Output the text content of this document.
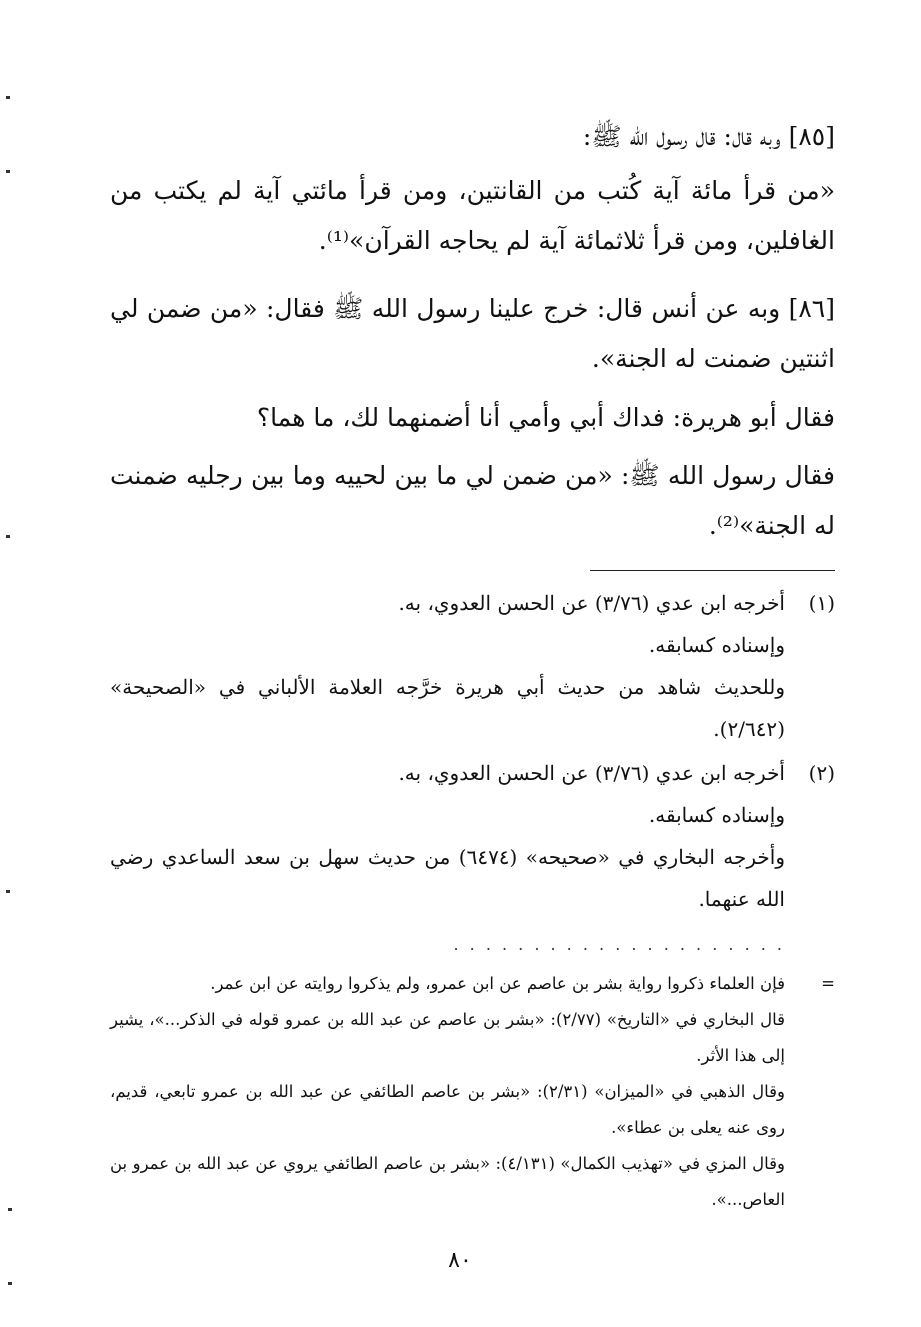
[٨٥] وبه قال: قال رسول الله ﷺ:
«من قرأ مائة آية كُتب من القانتين، ومن قرأ مائتي آية لم يكتب من الغافلين، ومن قرأ ثلاثمائة آية لم يحاجه القرآن»⁽¹⁾.
[٨٦] وبه عن أنس قال: خرج علينا رسول الله ﷺ فقال: «من ضمن لي اثنتين ضمنت له الجنة».
فقال أبو هريرة: فداك أبي وأمي أنا أضمنهما لك، ما هما؟
فقال رسول الله ﷺ: «من ضمن لي ما بين لحييه وما بين رجليه ضمنت له الجنة»⁽²⁾.
(١)
أخرجه ابن عدي (٣/٧٦) عن الحسن العدوي، به.
وإسناده كسابقه.
وللحديث شاهد من حديث أبي هريرة خرَّجه العلامة الألباني في «الصحيحة» (٢/٦٤٢).
(٢)
أخرجه ابن عدي (٣/٧٦) عن الحسن العدوي، به.
وإسناده كسابقه.
وأخرجه البخاري في «صحيحه» (٦٤٧٤) من حديث سهل بن سعد الساعدي رضي الله عنهما.
. . . . . . . . . . . . . . . . . . . . .
=
فإن العلماء ذكروا رواية بشر بن عاصم عن ابن عمرو، ولم يذكروا روايته عن ابن عمر.
قال البخاري في «التاريخ» (٢/٧٧): «بشر بن عاصم عن عبد الله بن عمرو قوله في الذكر...»، يشير إلى هذا الأثر.
وقال الذهبي في «الميزان» (٢/٣١): «بشر بن عاصم الطائفي عن عبد الله بن عمرو تابعي، قديم، روى عنه يعلى بن عطاء».
وقال المزي في «تهذيب الكمال» (٤/١٣١): «بشر بن عاصم الطائفي يروي عن عبد الله بن عمرو بن العاص...».
٨٠
